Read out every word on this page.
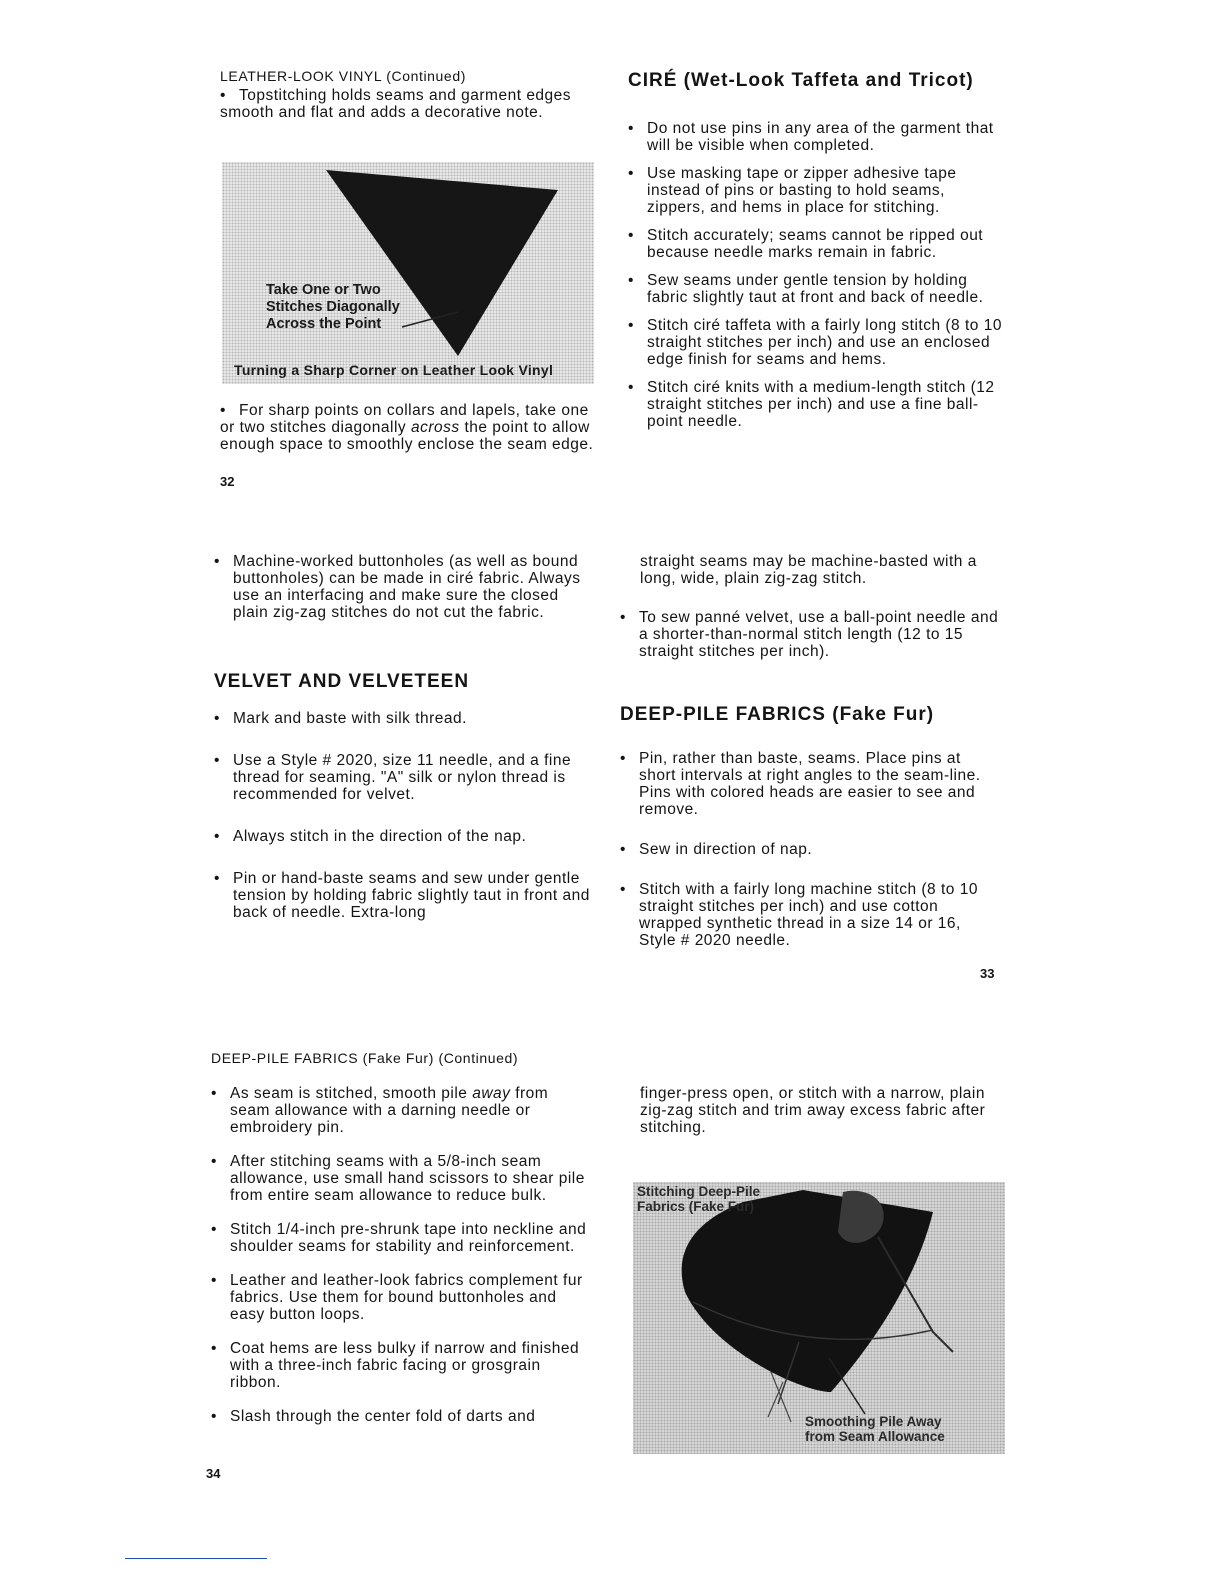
LEATHER-LOOK VINYL (Continued)
• Topstitching holds seams and garment edges smooth and flat and adds a decorative note.
Take One or Two
Stitches Diagonally
Across the Point
Turning a Sharp Corner on Leather Look Vinyl
• For sharp points on collars and lapels, take one or two stitches diagonally across the point to allow enough space to smoothly enclose the seam edge.
32
CIRÉ (Wet-Look Taffeta and Tricot)
• Do not use pins in any area of the garment that will be visible when completed.
• Use masking tape or zipper adhesive tape instead of pins or basting to hold seams, zippers, and hems in place for stitching.
• Stitch accurately; seams cannot be ripped out because needle marks remain in fabric.
• Sew seams under gentle tension by holding fabric slightly taut at front and back of needle.
• Stitch ciré taffeta with a fairly long stitch (8 to 10 straight stitches per inch) and use an enclosed edge finish for seams and hems.
• Stitch ciré knits with a medium-length stitch (12 straight stitches per inch) and use a fine ball-point needle.
• Machine-worked buttonholes (as well as bound buttonholes) can be made in ciré fabric. Always use an interfacing and make sure the closed plain zig-zag stitches do not cut the fabric.
VELVET AND VELVETEEN
• Mark and baste with silk thread.
• Use a Style # 2020, size 11 needle, and a fine thread for seaming. "A" silk or nylon thread is recommended for velvet.
• Always stitch in the direction of the nap.
• Pin or hand-baste seams and sew under gentle tension by holding fabric slightly taut in front and back of needle. Extra-long
straight seams may be machine-basted with a long, wide, plain zig-zag stitch.
• To sew panné velvet, use a ball-point needle and a shorter-than-normal stitch length (12 to 15 straight stitches per inch).
DEEP-PILE FABRICS (Fake Fur)
• Pin, rather than baste, seams. Place pins at short intervals at right angles to the seam-line. Pins with colored heads are easier to see and remove.
• Sew in direction of nap.
• Stitch with a fairly long machine stitch (8 to 10 straight stitches per inch) and use cotton wrapped synthetic thread in a size 14 or 16, Style # 2020 needle.
33
DEEP-PILE FABRICS (Fake Fur) (Continued)
• As seam is stitched, smooth pile away from seam allowance with a darning needle or embroidery pin.
• After stitching seams with a 5/8-inch seam allowance, use small hand scissors to shear pile from entire seam allowance to reduce bulk.
• Stitch 1/4-inch pre-shrunk tape into neckline and shoulder seams for stability and reinforcement.
• Leather and leather-look fabrics complement fur fabrics. Use them for bound buttonholes and easy button loops.
• Coat hems are less bulky if narrow and finished with a three-inch fabric facing or grosgrain ribbon.
• Slash through the center fold of darts and
34
finger-press open, or stitch with a narrow, plain zig-zag stitch and trim away excess fabric after stitching.
Stitching Deep-Pile
Fabrics (Fake Fur)
Smoothing Pile Away
from Seam Allowance
